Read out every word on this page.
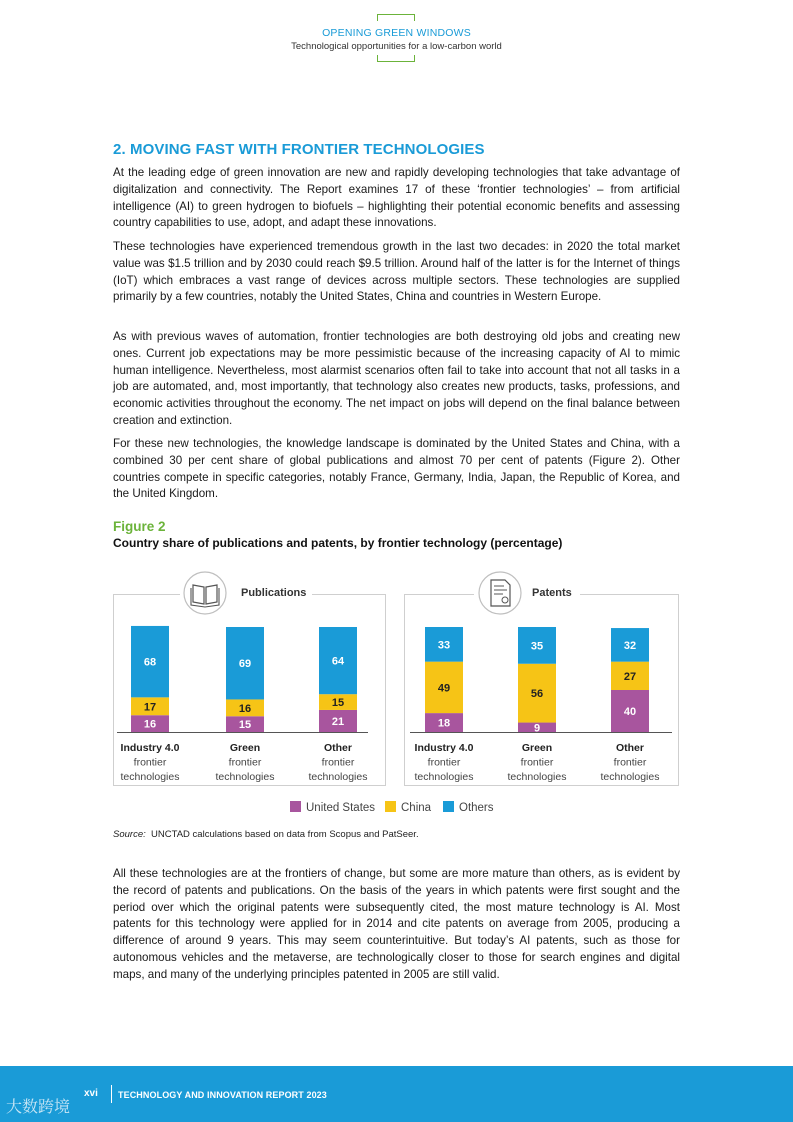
OPENING GREEN WINDOWS
Technological opportunities for a low-carbon world
2. MOVING FAST WITH FRONTIER TECHNOLOGIES

At the leading edge of green innovation are new and rapidly developing technologies that take advantage of digitalization and connectivity. The Report examines 17 of these ‘frontier technologies’ – from artificial intelligence (AI) to green hydrogen to biofuels – highlighting their potential economic benefits and assessing country capabilities to use, adopt, and adapt these innovations.

These technologies have experienced tremendous growth in the last two decades: in 2020 the total market value was $1.5 trillion and by 2030 could reach $9.5 trillion. Around half of the latter is for the Internet of things (IoT) which embraces a vast range of devices across multiple sectors. These technologies are supplied primarily by a few countries, notably the United States, China and countries in Western Europe.

As with previous waves of automation, frontier technologies are both destroying old jobs and creating new ones. Current job expectations may be more pessimistic because of the increasing capacity of AI to mimic human intelligence. Nevertheless, most alarmist scenarios often fail to take into account that not all tasks in a job are automated, and, most importantly, that technology also creates new products, tasks, professions, and economic activities throughout the economy. The net impact on jobs will depend on the final balance between creation and extinction.

For these new technologies, the knowledge landscape is dominated by the United States and China, with a combined 30 per cent share of global publications and almost 70 per cent of patents (Figure 2). Other countries compete in specific categories, notably France, Germany, India, Japan, the Republic of Korea, and the United Kingdom.

Figure 2
Country share of publications and patents, by frontier technology (percentage)
Publications	Patents
16
17
68
15
16
69
21
15
64
18
49
33
9
56
35
40
27
32
Industry 4.0
frontier
technologies
Green
frontier
technologies
Other
frontier
technologies
Industry 4.0
frontier
technologies
Green
frontier
technologies
Other
frontier
technologies
United States China Others
Source: UNCTAD calculations based on data from Scopus and PatSeer.

All these technologies are at the frontiers of change, but some are more mature than others, as is evident by the record of patents and publications. On the basis of the years in which patents were first sought and the period over which the original patents were subsequently cited, the most mature technology is AI. Most patents for this technology were applied for in 2014 and cite patents on average from 2005, producing a difference of around 9 years. This may seem counterintuitive. But today’s AI patents, such as those for autonomous vehicles and the metaverse, are technologically closer to those for search engines and digital maps, and many of the underlying principles patented in 2005 are still valid.

大数跨境
xvi TECHNOLOGY AND INNOVATION REPORT 2023
